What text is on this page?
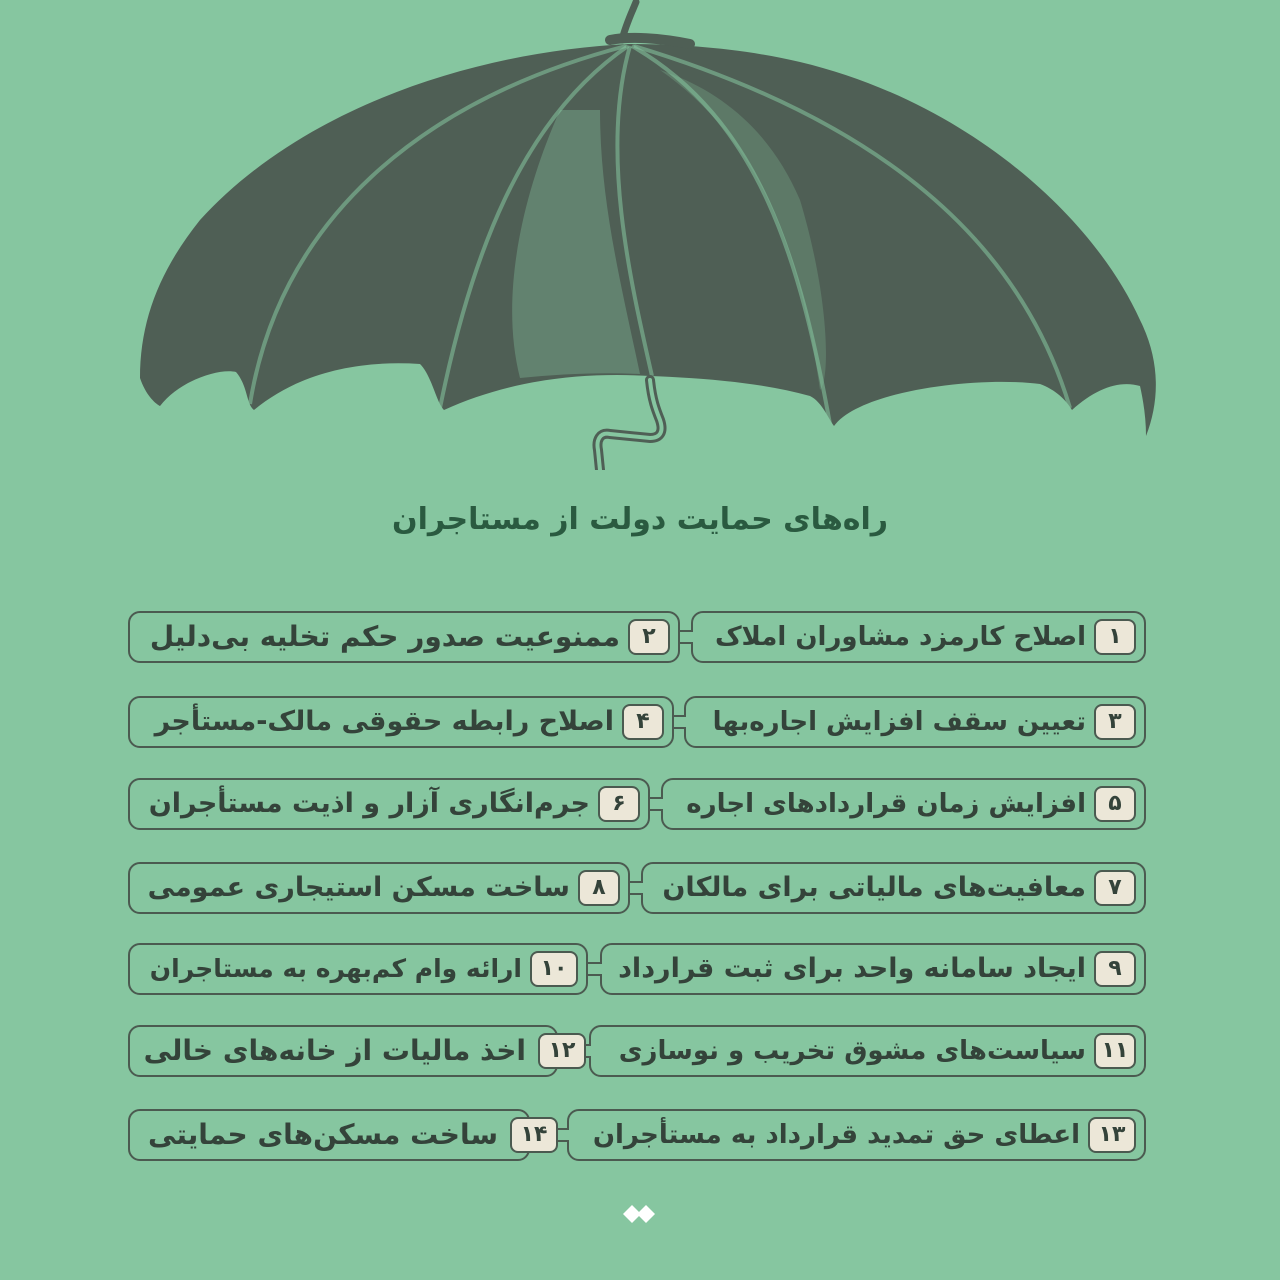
راه‌های حمایت دولت از مستاجران
اصلاح کارمزد مشاوران املاک	۱
ممنوعیت صدور حکم تخلیه بی‌دلیل	۲
تعیین سقف افزایش اجاره‌بها	۳
اصلاح رابطه حقوقی مالک-مستأجر	۴
افزایش زمان قراردادهای اجاره	۵
جرم‌انگاری آزار و اذیت مستأجران	۶
معافیت‌های مالیاتی برای مالکان	۷
ساخت مسکن استیجاری عمومی	۸
ایجاد سامانه واحد برای ثبت قرارداد	۹
ارائه وام کم‌بهره به مستاجران ۱۰
سیاست‌های مشوق تخریب و نوسازی ۱۱
اخذ مالیات از خانه‌های خالی	۱۲
اعطای حق تمدید قرارداد به مستأجران ۱۳
ساخت مسکن‌های حمایتی	۱۴
